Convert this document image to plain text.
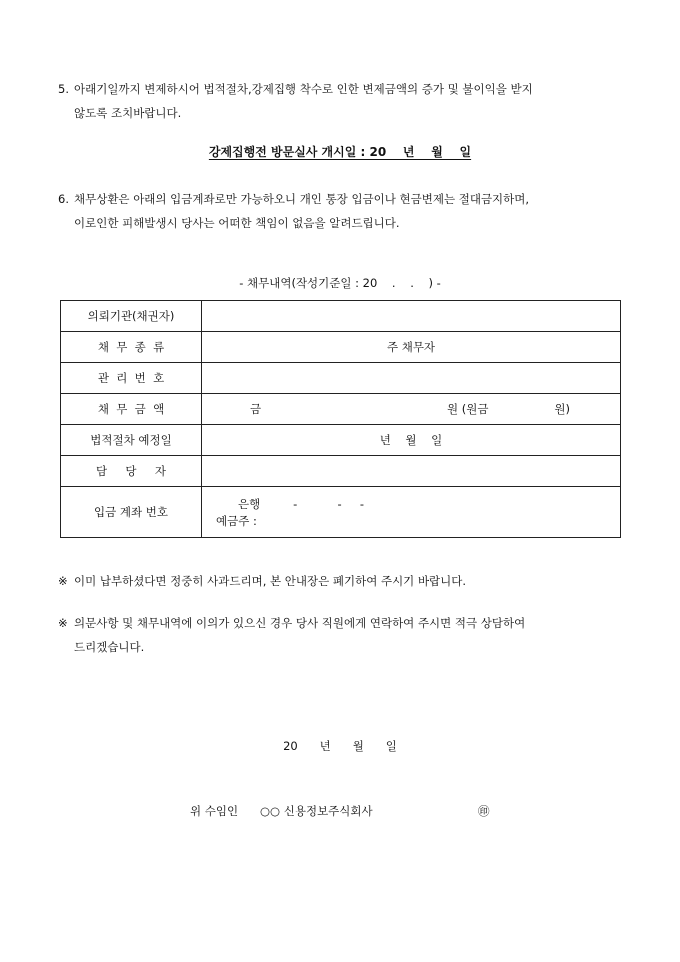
5. 아래기일까지 변제하시어 법적절차,강제집행 착수로 인한 변제금액의 증가 및 불이익을 받지
않도록 조치바랍니다.
강제집행전 방문실사 개시일 : 20    년    월    일
6. 채무상환은 아래의 입금계좌로만 가능하오니 개인 통장 입금이나 현금변제는 절대금지하며,
이로인한 피해발생시 당사는 어떠한 책임이 없음을 알려드립니다.
- 채무내역(작성기준일 : 20    .    .    ) -
의뢰기관(채권자)	
채  무  종  류	주 채무자
관  리  번  호	
채  무  금  액	금 원 (원금 원)

법적절차 예정일	년    월    일
담     당     자	
입금 계좌 번호	은행         -           -     -
예금주 :
※ 이미 납부하셨다면 정중히 사과드리며, 본 안내장은 폐기하여 주시기 바랍니다.
※ 의문사항 및 채무내역에 이의가 있으신 경우 당사 직원에게 연락하여 주시면 적극 상담하여
드리겠습니다.
20      년      월      일
위 수임인      ○○ 신용정보주식회사	㊞
